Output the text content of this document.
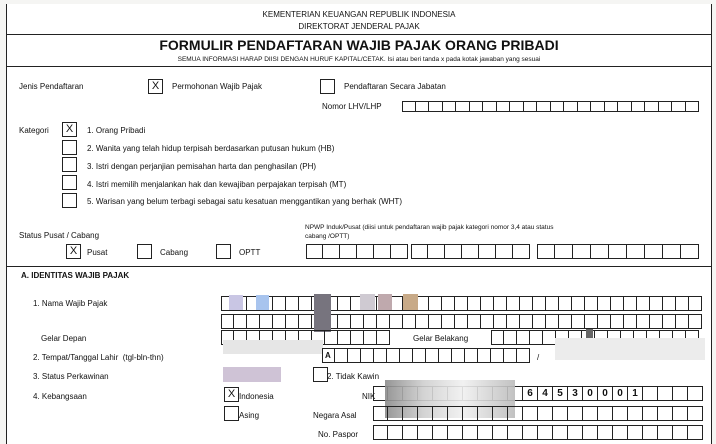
KEMENTERIAN KEUANGAN REPUBLIK INDONESIA
DIREKTORAT JENDERAL PAJAK
FORMULIR PENDAFTARAN WAJIB PAJAK ORANG PRIBADI
SEMUA INFORMASI HARAP DIISI DENGAN HURUF KAPITAL/CETAK. Isi atau beri tanda x pada kotak jawaban yang sesuai
Jenis Pendaftaran	X	Permohonan Wajib Pajak	Pendaftaran Secara Jabatan
Nomor LHV/LHP
Kategori	X	1. Orang Pribadi
2. Wanita yang telah hidup terpisah berdasarkan putusan hukum (HB)
3. Istri dengan perjanjian pemisahan harta dan penghasilan (PH)
4. Istri memilih menjalankan hak dan kewajiban perpajakan terpisah (MT)
5. Warisan yang belum terbagi sebagai satu kesatuan menggantikan yang berhak (WHT)
Status Pusat / Cabang
NPWP Induk/Pusat (diisi untuk pendaftaran wajib pajak kategori nomor 3,4 atau status
cabang /OPTT)
X	Pusat	Cabang	OPTT
A. IDENTITAS WAJIB PAJAK
1. Nama Wajib Pajak
Gelar Depan	Gelar Belakang
2. Tempat/Tanggal Lahir (tgl-bln-thn)	A	/
3. Status Perkawinan	2. Tidak Kawin
4. Kebangsaan	X Indonesia
Asing
NIK	6 4 5 3 0 0 0 1
Negara Asal
No. Paspor
